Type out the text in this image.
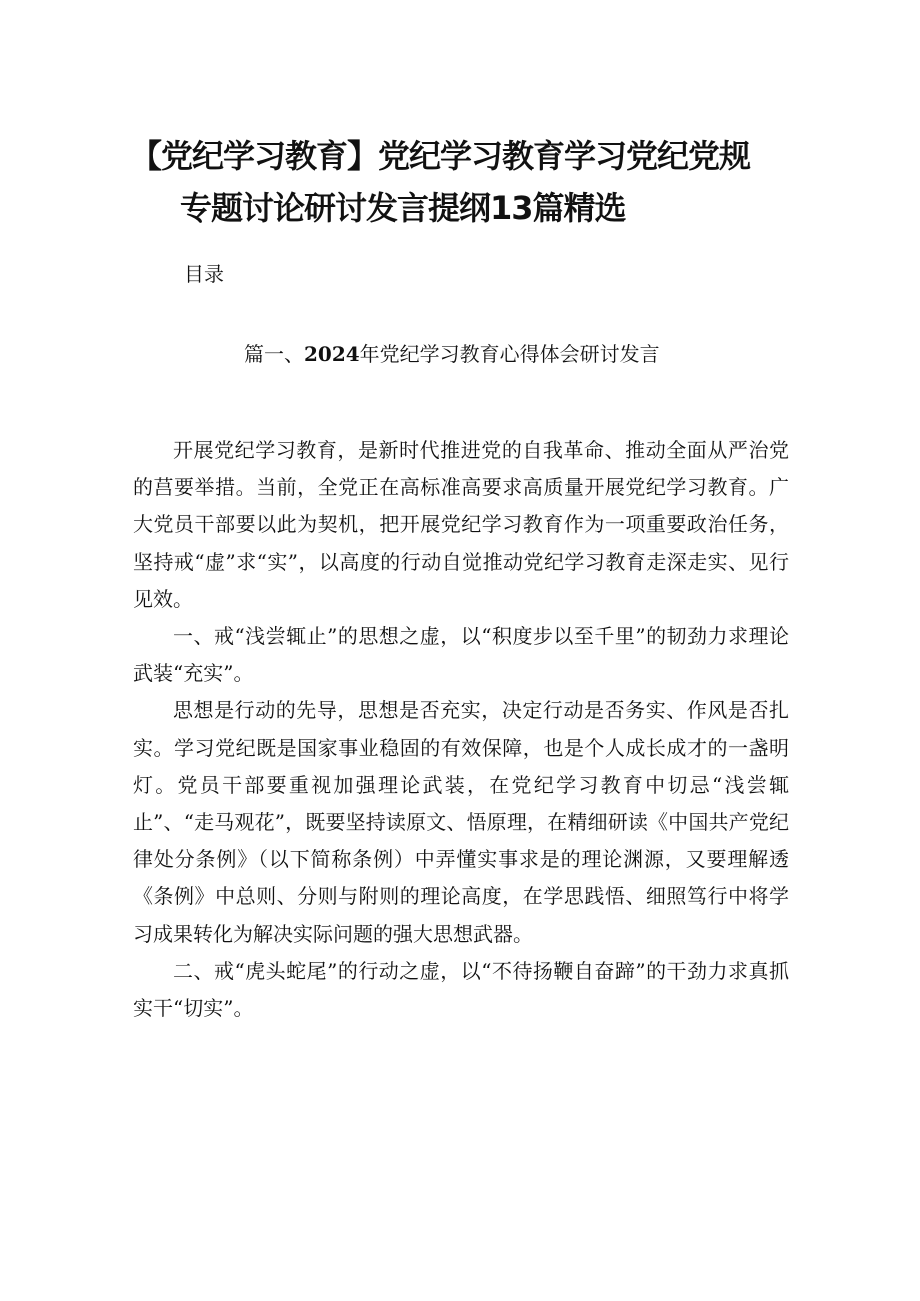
【党纪学习教育】党纪学习教育学习党纪党规
专题讨论研讨发言提纲13篇精选
目录
篇一、2024年党纪学习教育心得体会研讨发言

开展党纪学习教育，是新时代推进党的自我革命、推动全面从严治党的莒要举措。当前，全党正在高标准高要求高质量开展党纪学习教育。广大党员干部要以此为契机，把开展党纪学习教育作为一项重要政治任务，坚持戒“虚”求“实”，以高度的行动自觉推动党纪学习教育走深走实、见行见效。

一、戒“浅尝辄止”的思想之虚，以“积度步以至千里”的韧劲力求理论武装“充实”。

思想是行动的先导，思想是否充实，决定行动是否务实、作风是否扎实。学习党纪既是国家事业稳固的有效保障，也是个人成长成才的一盏明灯。党员干部要重视加强理论武装，在党纪学习教育中切忌“浅尝辄止”、“走马观花”，既要坚持读原文、悟原理，在精细研读《中国共产党纪律处分条例》（以下简称条例）中弄懂实事求是的理论渊源，又要理解透《条例》中总则、分则与附则的理论高度，在学思践悟、细照笃行中将学习成果转化为解决实际问题的强大思想武器。

二、戒“虎头蛇尾”的行动之虚，以“不待扬鞭自奋蹄”的干劲力求真抓实干“切实”。
